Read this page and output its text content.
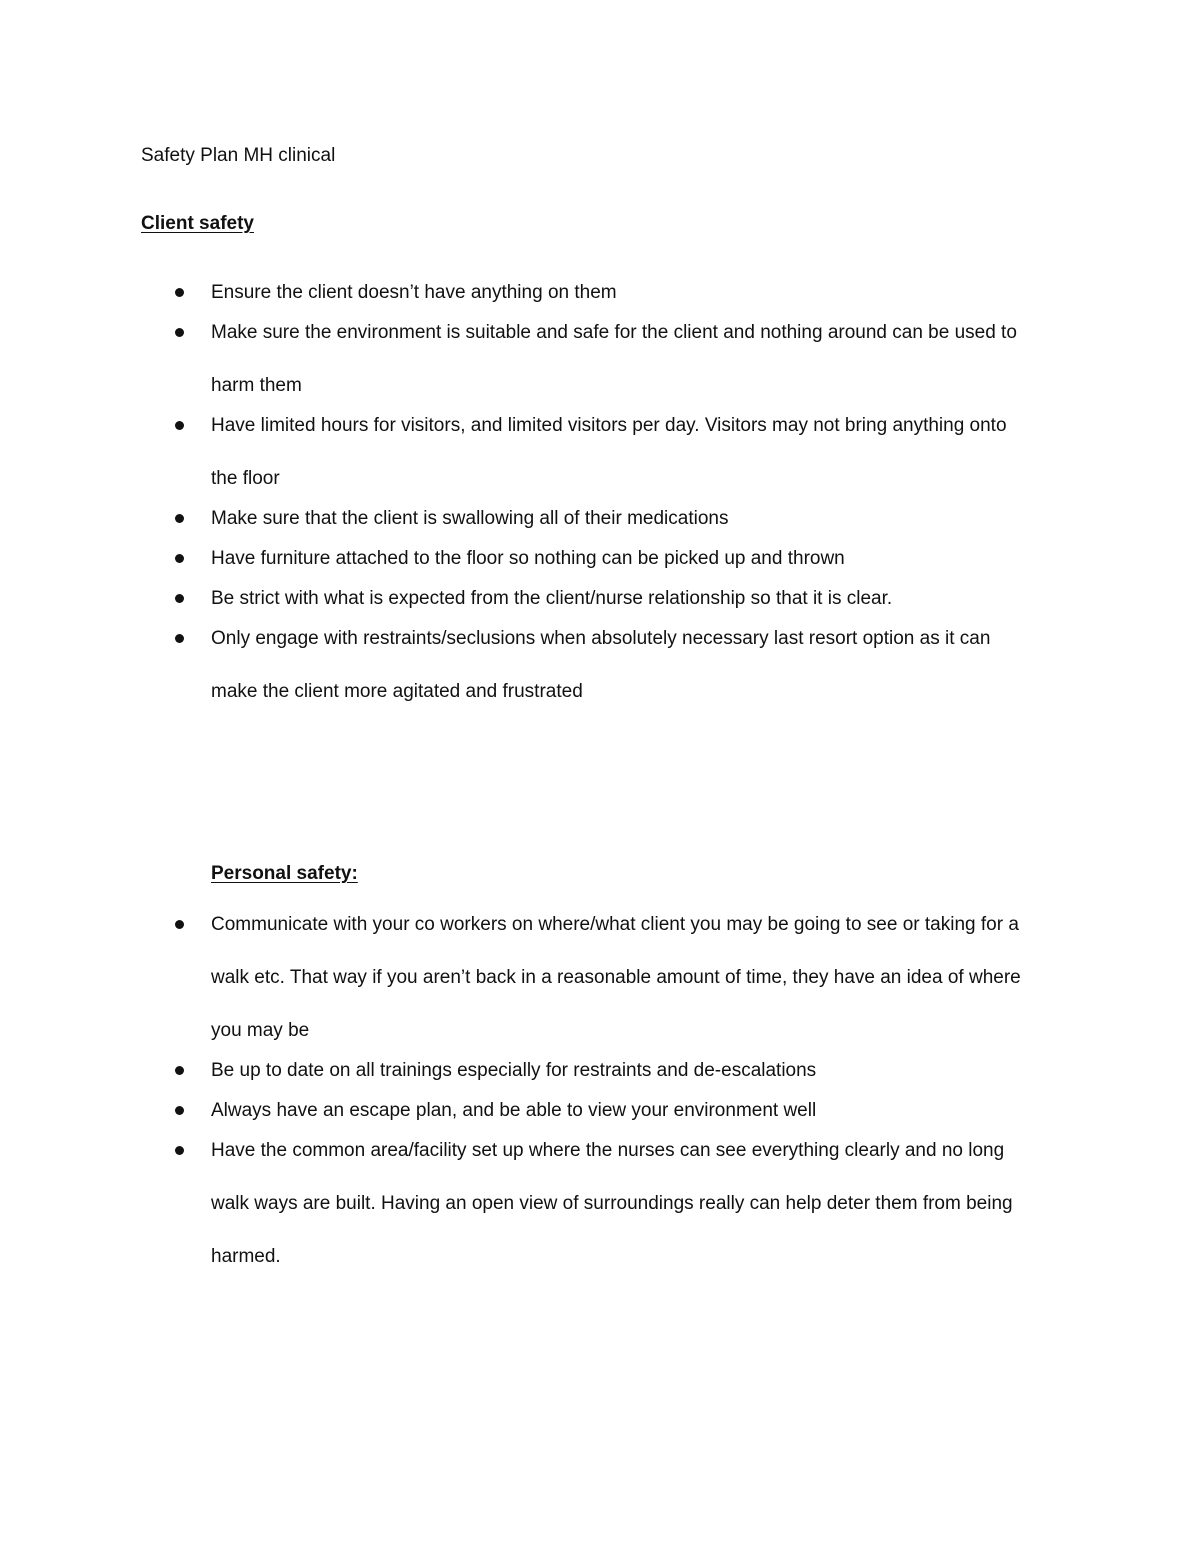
Safety Plan MH clinical
Client safety
Ensure the client doesn’t have anything on them
Make sure the environment is suitable and safe for the client and nothing around can be used to
harm them
Have limited hours for visitors, and limited visitors per day. Visitors may not bring anything onto
the floor
Make sure that the client is swallowing all of their medications
Have furniture attached to the floor so nothing can be picked up and thrown
Be strict with what is expected from the client/nurse relationship so that it is clear.
Only engage with restraints/seclusions when absolutely necessary last resort option as it can
make the client more agitated and frustrated
Personal safety:
Communicate with your co workers on where/what client you may be going to see or taking for a
walk etc. That way if you aren’t back in a reasonable amount of time, they have an idea of where
you may be
Be up to date on all trainings especially for restraints and de-escalations
Always have an escape plan, and be able to view your environment well
Have the common area/facility set up where the nurses can see everything clearly and no long
walk ways are built. Having an open view of surroundings really can help deter them from being
harmed.
